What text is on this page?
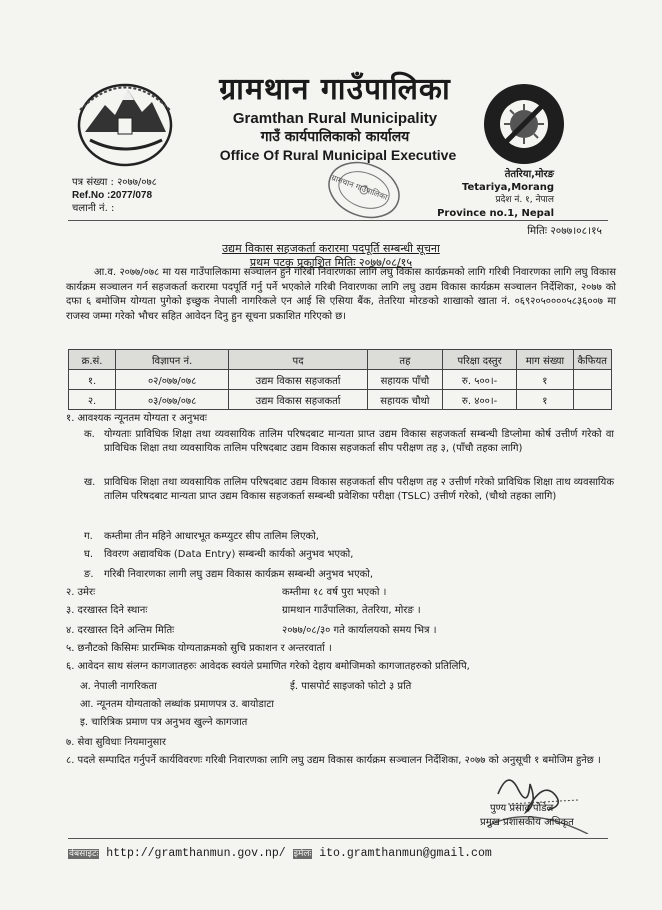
ग्रामथान गाउँपालिका
Gramthan Rural Municipality
गाउँ कार्यपालिकाको कार्यालय
Office Of Rural Municipal Executive
पत्र संख्या : २०७७/०७८
Ref.No :2077/078
चलानी नं. :
तेतरिया,मोरङ
Tetariya,Morang
प्रदेश नं. १, नेपाल
Province no.1, Nepal
मितिः २०७७।०८।१५
उद्यम विकास सहजकर्ता करारमा पदपूर्ति सम्बन्धी सूचना
प्रथम पटक प्रकाशित मितिः २०७७/०८/१५
आ.व. २०७७/०७८ मा यस गाउँपालिकामा सञ्चालन हुने गरिबी निवारणका लागि लघु विकास कार्यक्रमको लागि गरिबी निवारणका लागि लघु विकास कार्यक्रम सञ्चालन गर्न सहजकर्ता करारमा पदपूर्ति गर्नु पर्ने भएकोले गरिबी निवारणका लागि लघु उद्यम विकास कार्यक्रम सञ्चालन निर्देशिका, २०७७ को दफा ६ बमोजिम योग्यता पुगेको इच्छुक नेपाली नागरिकले एन आई सि एसिया बैंक, तेतरिया मोरङको शाखाको खाता नं. ०६९२०५००००५८३६००७ मा राजस्व जम्मा गरेको भौचर सहित आवेदन दिनु हुन सूचना प्रकाशित गरिएको छ।
क्र.सं.	विज्ञापन नं.	पद	तह	परिक्षा दस्तुर	माग संख्या	कैफियत
१.	०२/०७७/०७८	उद्यम विकास सहजकर्ता	सहायक पाँचौ	रु. ५००।-	१	
२.	०३/०७७/०७८	उद्यम विकास सहजकर्ता	सहायक चौथो	रु. ४००।-	१	
१. आवश्यक न्यूनतम योग्यता र अनुभवः
क. योग्यताः प्राविधिक शिक्षा तथा व्यवसायिक तालिम परिषदबाट मान्यता प्राप्त उद्यम विकास सहजकर्ता सम्बन्धी डिप्लोमा कोर्ष उत्तीर्ण गरेको वा प्राविधिक शिक्षा तथा व्यवसायिक तालिम परिषदबाट उद्यम विकास सहजकर्ता सीप परीक्षण तह ३, (पाँचौ तहका लागि)
ख. प्राविधिक शिक्षा तथा व्यवसायिक तालिम परिषदबाट उद्यम विकास सहजकर्ता सीप परीक्षण तह २ उत्तीर्ण गरेको प्राविधिक शिक्षा ताथ व्यवसायिक तालिम परिषदबाट मान्यता प्राप्त उद्यम विकास सहजकर्ता सम्बन्धी प्रवेशिका परीक्षा (TSLC) उत्तीर्ण गरेको, (चौथो तहका लागि)
ग. कम्तीमा तीन महिने आधारभूत कम्प्युटर सीप तालिम लिएको,
घ. विवरण अद्यावधिक (Data Entry) सम्बन्धी कार्यको अनुभव भएको,
ङ. गरिबी निवारणका लागी लघु उद्यम विकास कार्यक्रम सम्बन्धी अनुभव भएको,
२. उमेरः	कम्तीमा १८ वर्ष पुरा भएको ।
३. दरखास्त दिने स्थानः	ग्रामथान गाउँपालिका, तेतरिया, मोरङ ।
४. दरखास्त दिने अन्तिम मितिः	२०७७/०८/३० गते कार्यालयको समय भित्र ।
५. छनौटको किसिमः प्रारम्भिक योग्यताक्रमको सुचि प्रकाशन र अन्तरवार्ता ।
६. आवेदन साथ संलग्न कागजातहरुः आवेदक स्वयंले प्रमाणित गरेको देहाय बमोजिमको कागजातहरुको प्रतिलिपि,
अ. नेपाली नागरिकता	ई. पासपोर्ट साइजको फोटो ३ प्रति
आ. न्यूनतम योग्यताको लब्धांक प्रमाणपत्र उ. बायोडाटा
इ. चारित्रिक प्रमाण पत्र अनुभव खुल्ने कागजात
७. सेवा सुविधाः नियमानुसार
८. पदले सम्पादित गर्नुपर्ने कार्यविवरणः गरिबी निवारणका लागि लघु उद्यम विकास कार्यक्रम सञ्चालन निर्देशिका, २०७७ को अनुसूची १ बमोजिम हुनेछ ।
पुण्य प्रसाद पौडेल
प्रमुख प्रशासकीय अधिकृत
वेबसाइटः http://gramthanmun.gov.np/ इमेलः ito.gramthanmun@gmail.com
ग्रामथान गाउँपालिका
